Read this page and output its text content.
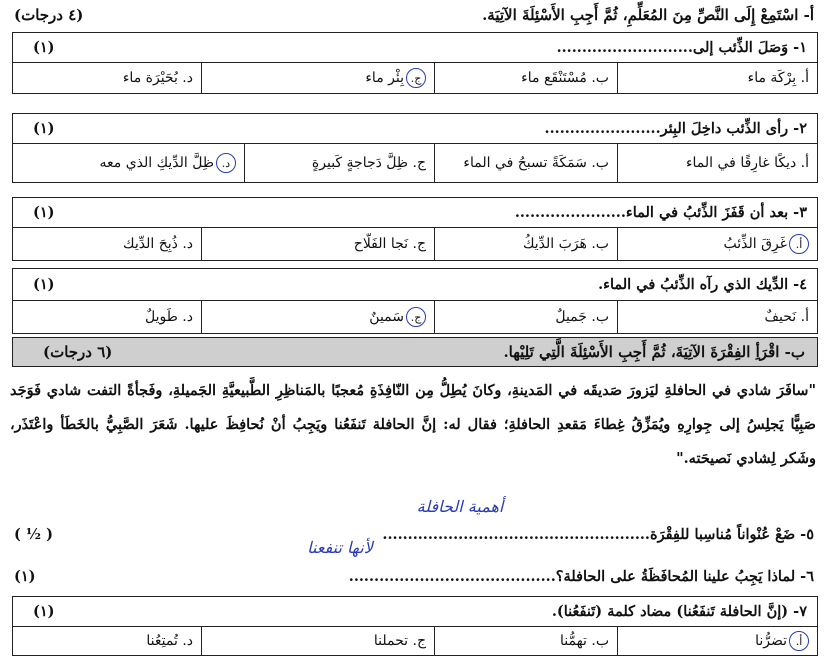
أ- اسْتَمِعْ إِلَى النَّصِّ مِنَ المُعَلِّمِ، ثُمَّ أَجِبِ الأَسْئِلَةَ الآتِيَة.
(٤ درجات)
١- وَصَلَ الذِّئب إلى...........................
(١)
أ. بِرْكَة ماء
ب. مُسْتَنْقَع ماء
ج.
بِئْر ماء
د. بُحَيْرَة ماء
٢- رأى الذِّئب داخِلَ البِئر.......................
(١)
أ. ديكًا غارِقًا في الماء
ب. سَمَكَةً تسبحُ في الماء
ج. ظِلَّ دَجاجةٍ كَبيرةٍ
د.
ظِلَّ الدِّيكِ الذي معه
٣- بعد أن قَفَزَ الذِّئبُ في الماء......................
(١)
أ.
غَرِقَ الذِّئبُ
ب. هَرَبَ الدِّيكُ
ج. نَجا الفَلّاح
د. ذُبِحَ الدِّيك
٤- الدِّيك الذي رآه الذِّئبُ في الماء.
(١)
أ. نَحيفٌ
ب. جَميلٌ
ج.
سَمينٌ
د. طَويلٌ
ب- اقْرَأِ الفِقْرَةَ الآتِيَةَ، ثُمَّ أَجِبِ الأَسْئِلَةَ الَّتِي تَلِيْها.
(٦ درجات)
"سافَرَ شادي في الحافلةِ ليَزورَ صَديقَه في المَدينةِ، وكانَ يُطِلُّ مِن النّافِذَةِ مُعجبًا بالمَناظِرِ الطَّبيعيَّةِ الجَميلةِ، وفَجأةً التفت شادي فَوَجَد صَبِيًّا يَجلِسُ إلى جِوارِهِ ويُمَزِّقُ غِطاءَ مَقعدِ الحافلةِ؛ فقال له: إنَّ الحافلة تَنفَعُنا ويَجِبُ أنْ نُحافِظَ عليها. شَعَرَ الصَّبِيُّ بالخَطَأ واعْتَذَر، وشَكر لِشادي نَصيحَته."
٥- ضَعْ عُنْواناً مُناسِبا للفِقْرَة.....................................................
( ½ )
أهمية الحافلة
٦- لماذا يَجِبُ علينا المُحافَظَةُ على الحافلة؟.........................................
(١)
لأنها تنفعنا
٧- (إنَّ الحافلة تَنفَعُنا) مضاد كلمة (تَنفَعُنا).
(١)
أ.
تضرُّنا
ب. تهمُّنا
ج. تحملنا
د. تُمتِعُنا
